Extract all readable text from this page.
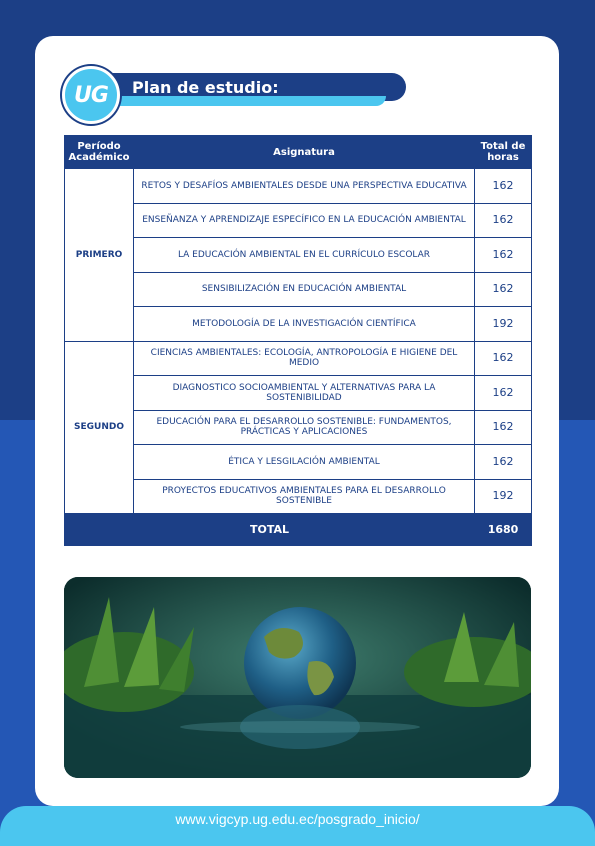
UG Plan de estudio:
Período Académico	Asignatura	Total de horas
PRIMERO	RETOS Y DESAFÍOS AMBIENTALES DESDE UNA PERSPECTIVA EDUCATIVA	162
	ENSEÑANZA Y APRENDIZAJE ESPECÍFICO EN LA EDUCACIÓN AMBIENTAL	162
	LA EDUCACIÓN AMBIENTAL EN EL CURRÍCULO ESCOLAR	162
	SENSIBILIZACIÓN EN EDUCACIÓN AMBIENTAL	162
	METODOLOGÍA DE LA INVESTIGACIÓN CIENTÍFICA	192
SEGUNDO	CIENCIAS AMBIENTALES: ECOLOGÍA, ANTROPOLOGÍA E HIGIENE DEL MEDIO	162
	DIAGNOSTICO SOCIOAMBIENTAL Y ALTERNATIVAS PARA LA SOSTENIBILIDAD	162
	EDUCACIÓN PARA EL DESARROLLO SOSTENIBLE: FUNDAMENTOS, PRÁCTICAS Y APLICACIONES	162
	ÉTICA Y LESGILACIÓN AMBIENTAL	162
	PROYECTOS EDUCATIVOS AMBIENTALES PARA EL DESARROLLO SOSTENIBLE	192
TOTAL		1680
www.vigcyp.ug.edu.ec/posgrado_inicio/
